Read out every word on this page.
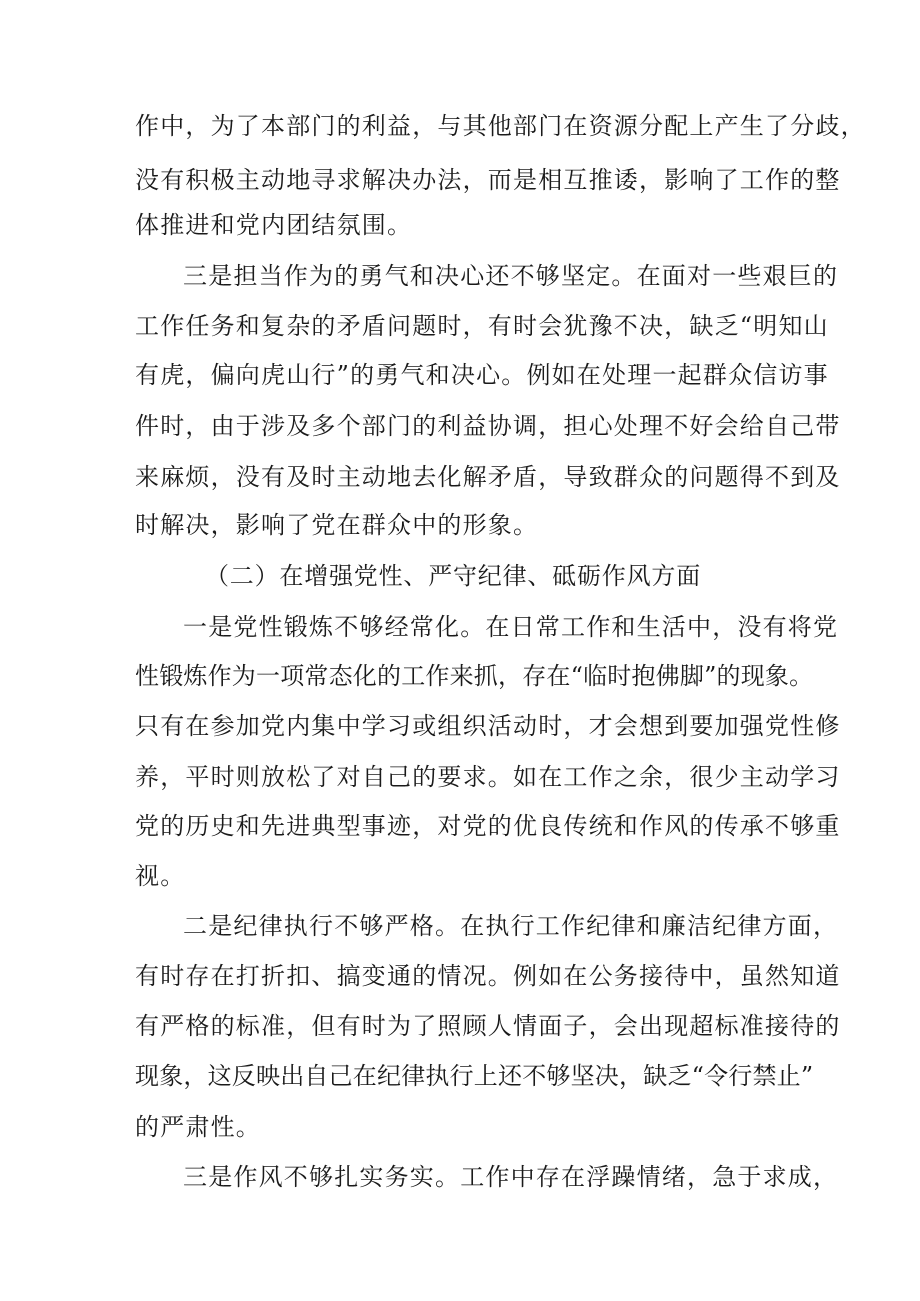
作中，为了本部门的利益，与其他部门在资源分配上产生了分歧，
没有积极主动地寻求解决办法，而是相互推诿，影响了工作的整
体推进和党内团结氛围。
三是担当作为的勇气和决心还不够坚定。在面对一些艰巨的
工作任务和复杂的矛盾问题时，有时会犹豫不决，缺乏“明知山
有虎，偏向虎山行”的勇气和决心。例如在处理一起群众信访事
件时，由于涉及多个部门的利益协调，担心处理不好会给自己带
来麻烦，没有及时主动地去化解矛盾，导致群众的问题得不到及
时解决，影响了党在群众中的形象。
（二）在增强党性、严守纪律、砥砺作风方面
一是党性锻炼不够经常化。在日常工作和生活中，没有将党
性锻炼作为一项常态化的工作来抓，存在“临时抱佛脚”的现象。
只有在参加党内集中学习或组织活动时，才会想到要加强党性修
养，平时则放松了对自己的要求。如在工作之余，很少主动学习
党的历史和先进典型事迹，对党的优良传统和作风的传承不够重
视。
二是纪律执行不够严格。在执行工作纪律和廉洁纪律方面，
有时存在打折扣、搞变通的情况。例如在公务接待中，虽然知道
有严格的标准，但有时为了照顾人情面子，会出现超标准接待的
现象，这反映出自己在纪律执行上还不够坚决，缺乏“令行禁止”
的严肃性。
三是作风不够扎实务实。工作中存在浮躁情绪，急于求成，
